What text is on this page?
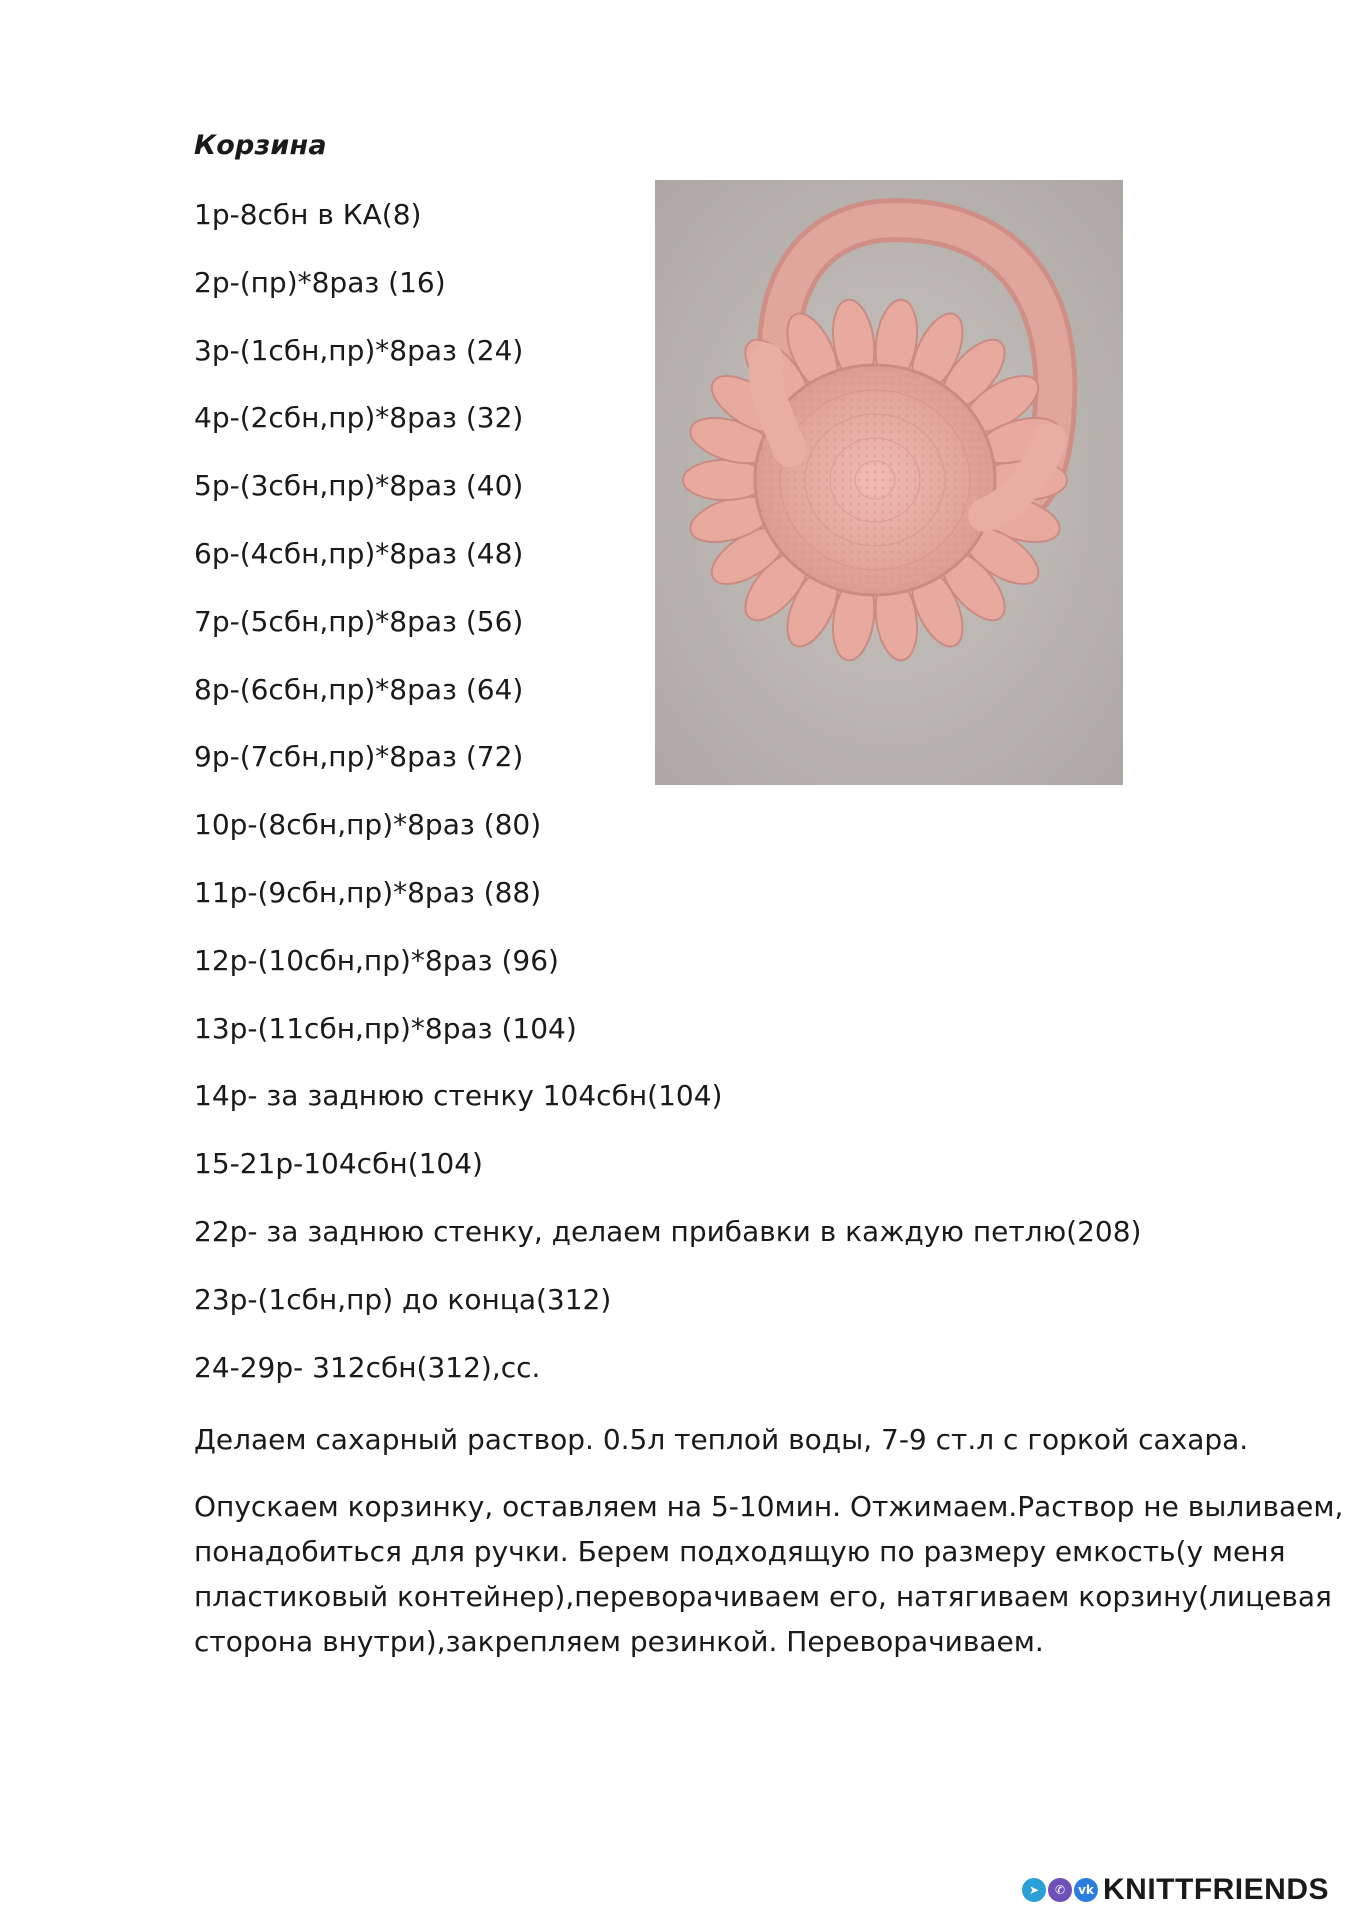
Корзина
1р-8сбн в КА(8)
2р-(пр)*8раз (16)
3р-(1сбн,пр)*8раз (24)
4р-(2сбн,пр)*8раз (32)
5р-(3сбн,пр)*8раз (40)
6р-(4сбн,пр)*8раз (48)
7р-(5сбн,пр)*8раз (56)
8р-(6сбн,пр)*8раз (64)
9р-(7сбн,пр)*8раз (72)
10р-(8сбн,пр)*8раз (80)
11р-(9сбн,пр)*8раз (88)
12р-(10сбн,пр)*8раз (96)
13р-(11сбн,пр)*8раз (104)
14р- за заднюю стенку 104сбн(104)
15-21р-104сбн(104)
22р- за заднюю стенку, делаем прибавки в каждую петлю(208)
23р-(1сбн,пр) до конца(312)
24-29р- 312сбн(312),сс.
Делаем сахарный раствор. 0.5л теплой воды, 7-9 ст.л с горкой сахара.
Опускаем корзинку, оставляем на 5-10мин. Отжимаем.Раствор не выливаем,
понадобиться для ручки. Берем подходящую по размеру емкость(у меня
пластиковый контейнер),переворачиваем его, натягиваем корзину(лицевая
сторона внутри),закрепляем резинкой. Переворачиваем.
➤	✆	vk KNITTFRIENDS
